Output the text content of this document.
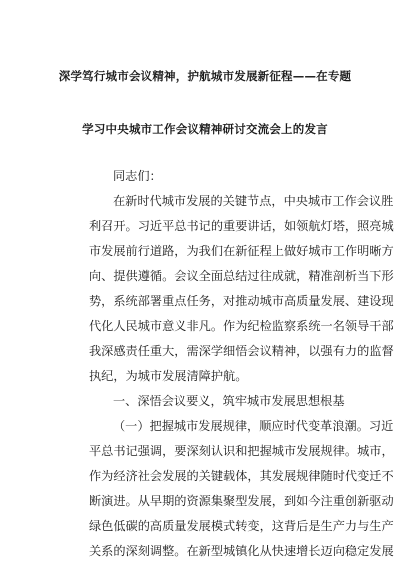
深学笃行城市会议精神，护航城市发展新征程——在专题
学习中央城市工作会议精神研讨交流会上的发言
同志们：
在新时代城市发展的关键节点，中央城市工作会议胜
利召开。习近平总书记的重要讲话，如领航灯塔，照亮城
市发展前行道路，为我们在新征程上做好城市工作明晰方
向、提供遵循。会议全面总结过往成就，精准剖析当下形
势，系统部署重点任务，对推动城市高质量发展、建设现
代化人民城市意义非凡。作为纪检监察系统一名领导干部
我深感责任重大，需深学细悟会议精神，以强有力的监督
执纪，为城市发展清障护航。
一、深悟会议要义，筑牢城市发展思想根基
（一）把握城市发展规律，顺应时代变革浪潮。习近
平总书记强调，要深刻认识和把握城市发展规律。城市，
作为经济社会发展的关键载体，其发展规律随时代变迁不
断演进。从早期的资源集聚型发展，到如今注重创新驱动
绿色低碳的高质量发展模式转变，这背后是生产力与生产
关系的深刻调整。在新型城镇化从快速增长迈向稳定发展
